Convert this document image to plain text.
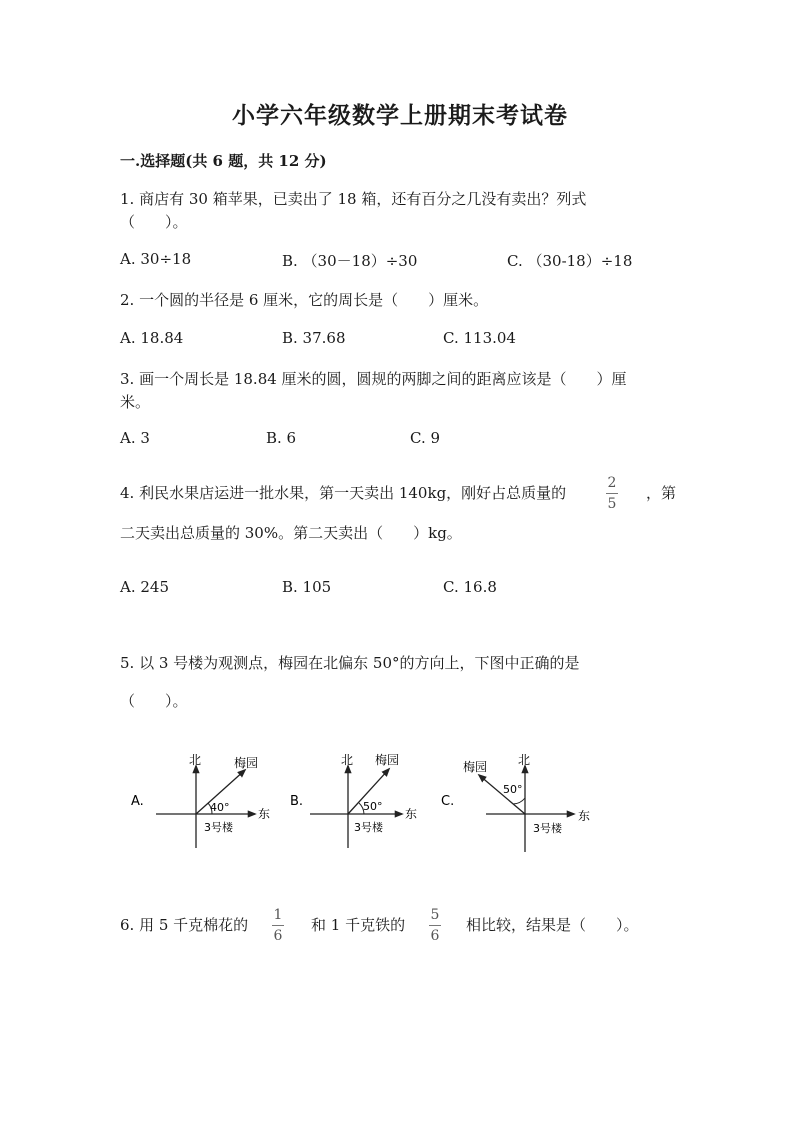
小学六年级数学上册期末考试卷
一.选择题(共 6 题，共 12 分)
1. 商店有 30 箱苹果，已卖出了 18 箱，还有百分之几没有卖出？列式
（　　）。
A. 30÷18	B. （30－18）÷30	C. （30-18）÷18
2. 一个圆的半径是 6 厘米，它的周长是（　　）厘米。
A. 18.84	B. 37.68	C. 113.04
3. 画一个周长是 18.84 厘米的圆，圆规的两脚之间的距离应该是（　　）厘
米。
A. 3	B. 6	C. 9
4. 利民水果店运进一批水果，第一天卖出 140kg，刚好占总质量的
2
5
，第
二天卖出总质量的 30%。第二天卖出（　　）kg。
A. 245	B. 105	C. 16.8
5. 以 3 号楼为观测点，梅园在北偏东 50°的方向上，下图中正确的是
（　　）。
A.
北	梅园
东
40°
3号楼
B.
北 梅园
东
50°
3号楼
C.
北
梅园
东
50°
3号楼
6. 用 5 千克棉花的
1
6
和 1 千克铁的
5
6
相比较，结果是（　　）。
